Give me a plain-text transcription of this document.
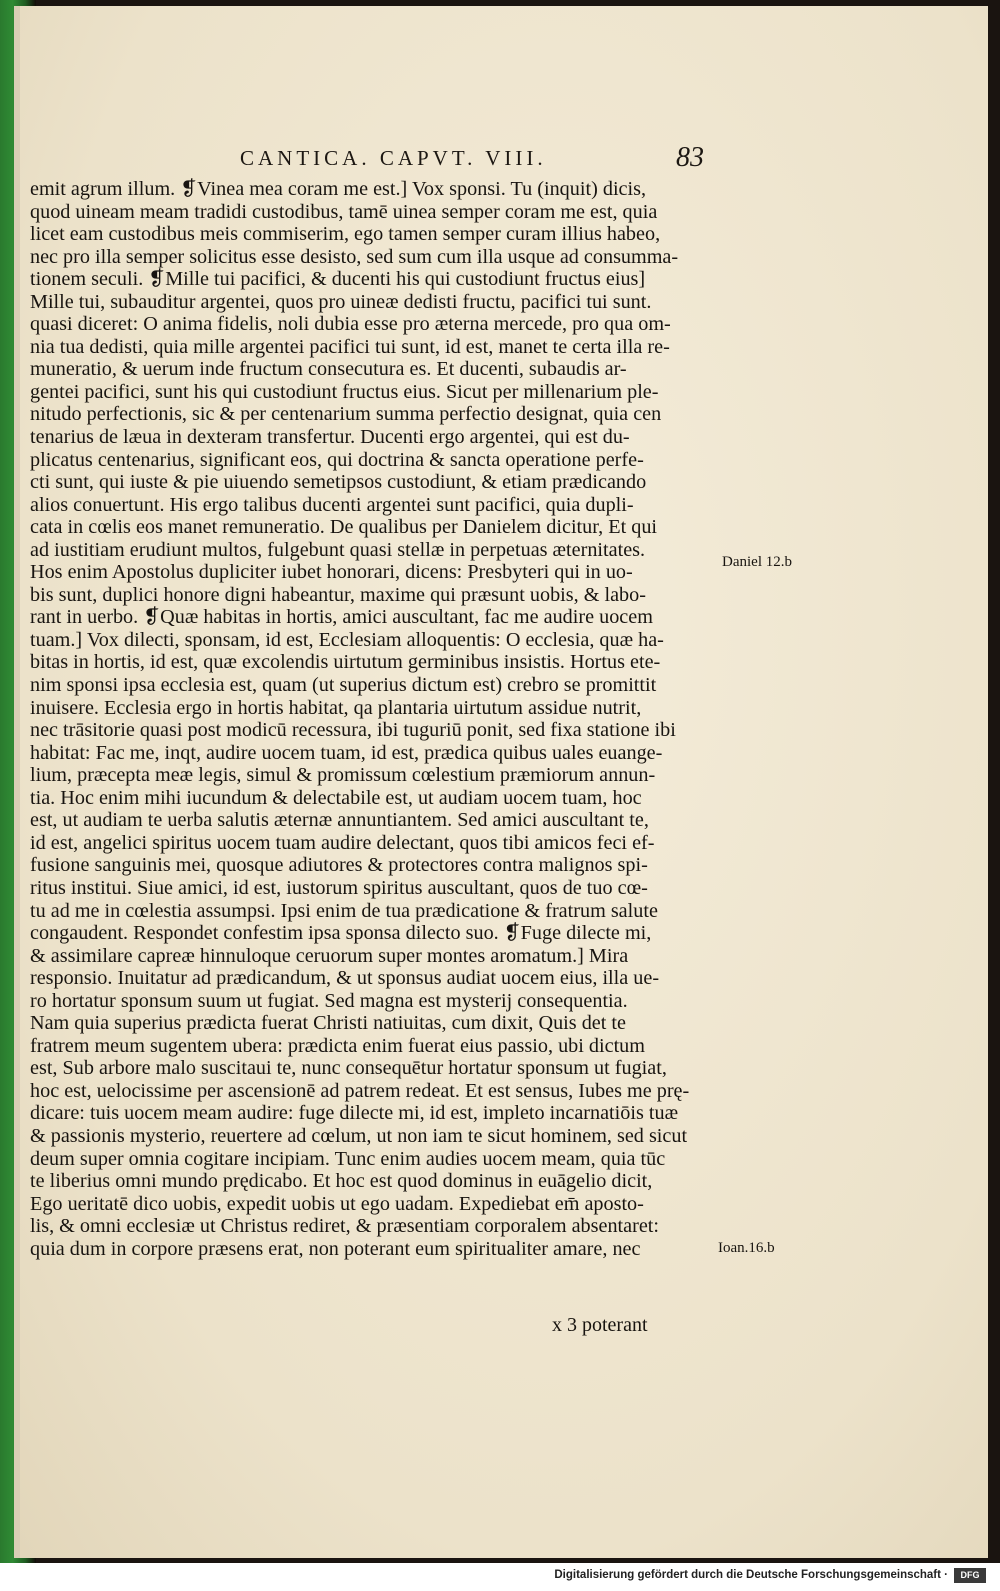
CANTICA. CAPVT. VIII.	83
emit agrum illum. ❡Vinea mea coram me est.] Vox sponsi. Tu (inquit) dicis,
quod uineam meam tradidi custodibus, tamē uinea semper coram me est, quia
licet eam custodibus meis commiserim, ego tamen semper curam illius habeo,
nec pro illa semper solicitus esse desisto, sed sum cum illa usque ad consumma-
tionem seculi. ❡Mille tui pacifici, & ducenti his qui custodiunt fructus eius]
Mille tui, subauditur argentei, quos pro uineæ dedisti fructu, pacifici tui sunt.
quasi diceret: O anima fidelis, noli dubia esse pro æterna mercede, pro qua om-
nia tua dedisti, quia mille argentei pacifici tui sunt, id est, manet te certa illa re-
muneratio, & uerum inde fructum consecutura es. Et ducenti, subaudis ar-
gentei pacifici, sunt his qui custodiunt fructus eius. Sicut per millenarium ple-
nitudo perfectionis, sic & per centenarium summa perfectio designat, quia cen
tenarius de læua in dexteram transfertur. Ducenti ergo argentei, qui est du-
plicatus centenarius, significant eos, qui doctrina & sancta operatione perfe-
cti sunt, qui iuste & pie uiuendo semetipsos custodiunt, & etiam prædicando
alios conuertunt. His ergo talibus ducenti argentei sunt pacifici, quia dupli-
cata in cœlis eos manet remuneratio. De qualibus per Danielem dicitur, Et qui
ad iustitiam erudiunt multos, fulgebunt quasi stellæ in perpetuas æternitates.
Hos enim Apostolus dupliciter iubet honorari, dicens: Presbyteri qui in uo-
bis sunt, duplici honore digni habeantur, maxime qui præsunt uobis, & labo-
rant in uerbo. ❡Quæ habitas in hortis, amici auscultant, fac me audire uocem
tuam.] Vox dilecti, sponsam, id est, Ecclesiam alloquentis: O ecclesia, quæ ha-
bitas in hortis, id est, quæ excolendis uirtutum germinibus insistis. Hortus ete-
nim sponsi ipsa ecclesia est, quam (ut superius dictum est) crebro se promittit
inuisere. Ecclesia ergo in hortis habitat, qa plantaria uirtutum assidue nutrit,
nec trāsitorie quasi post modicū recessura, ibi tuguriū ponit, sed fixa statione ibi
habitat: Fac me, inqt, audire uocem tuam, id est, prædica quibus uales euange-
lium, præcepta meæ legis, simul & promissum cœlestium præmiorum annun-
tia. Hoc enim mihi iucundum & delectabile est, ut audiam uocem tuam, hoc
est, ut audiam te uerba salutis æternæ annuntiantem. Sed amici auscultant te,
id est, angelici spiritus uocem tuam audire delectant, quos tibi amicos feci ef-
fusione sanguinis mei, quosque adiutores & protectores contra malignos spi-
ritus institui. Siue amici, id est, iustorum spiritus auscultant, quos de tuo cœ-
tu ad me in cœlestia assumpsi. Ipsi enim de tua prædicatione & fratrum salute
congaudent. Respondet confestim ipsa sponsa dilecto suo. ❡Fuge dilecte mi,
& assimilare capreæ hinnuloque ceruorum super montes aromatum.] Mira
responsio. Inuitatur ad prædicandum, & ut sponsus audiat uocem eius, illa ue-
ro hortatur sponsum suum ut fugiat. Sed magna est mysterij consequentia.
Nam quia superius prædicta fuerat Christi natiuitas, cum dixit, Quis det te
fratrem meum sugentem ubera: prædicta enim fuerat eius passio, ubi dictum
est, Sub arbore malo suscitaui te, nunc consequētur hortatur sponsum ut fugiat,
hoc est, uelocissime per ascensionē ad patrem redeat. Et est sensus, Iubes me prę-
dicare: tuis uocem meam audire: fuge dilecte mi, id est, impleto incarnatiōis tuæ
& passionis mysterio, reuertere ad cœlum, ut non iam te sicut hominem, sed sicut
deum super omnia cogitare incipiam. Tunc enim audies uocem meam, quia tūc
te liberius omni mundo prędicabo. Et hoc est quod dominus in euāgelio dicit,
Ego ueritatē dico uobis, expedit uobis ut ego uadam. Expediebat em̄ aposto-
lis, & omni ecclesiæ ut Christus rediret, & præsentiam corporalem absentaret:
quia dum in corpore præsens erat, non poterant eum spiritualiter amare, nec
Daniel 12.b
Ioan.16.b
x 3 poterant
Digitalisierung gefördert durch die Deutsche Forschungsgemeinschaft ·	DFG
